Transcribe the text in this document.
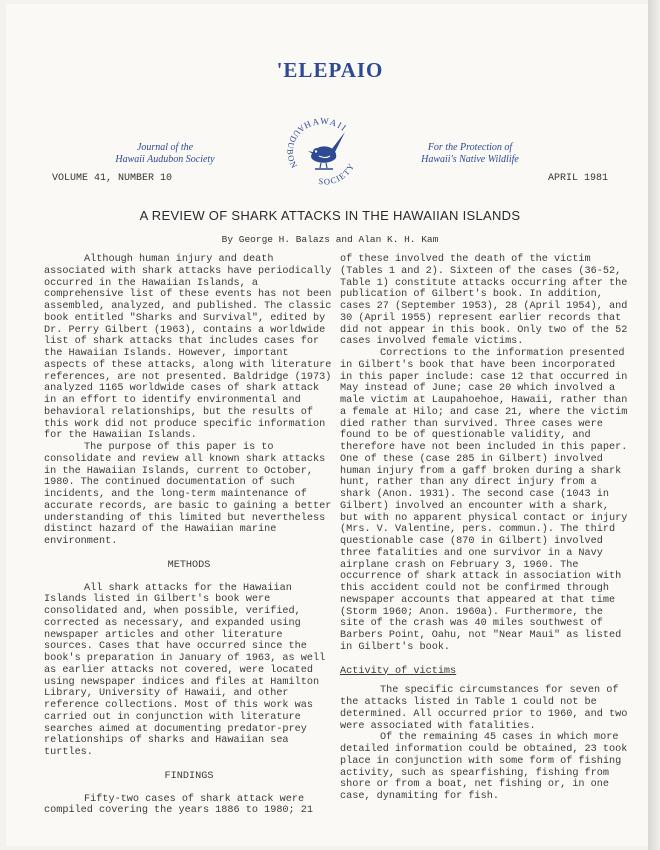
'ELEPAIO
Journal of the
Hawaii Audubon Society
HAWAII
AUDUBON
SOCIETY
For the Protection of
Hawaii's Native Wildlife
VOLUME 41, NUMBER 10	APRIL 1981
A REVIEW OF SHARK ATTACKS IN THE HAWAIIAN ISLANDS
By George H. Balazs and Alan K. H. Kam

Although human injury and death associated with shark attacks have periodically occurred in the Hawaiian Islands, a comprehensive list of these events has not been assembled, analyzed, and published. The classic book entitled "Sharks and Survival", edited by Dr. Perry Gilbert (1963), contains a worldwide list of shark attacks that includes cases for the Hawaiian Islands. However, important aspects of these attacks, along with literature references, are not presented. Baldridge (1973) analyzed 1165 worldwide cases of shark attack in an effort to identify environmental and behavioral relationships, but the results of this work did not produce specific information for the Hawaiian Islands.

The purpose of this paper is to consolidate and review all known shark attacks in the Hawaiian Islands, current to October, 1980. The continued documentation of such incidents, and the long-term maintenance of accurate records, are basic to gaining a better understanding of this limited but nevertheless distinct hazard of the Hawaiian marine environment.

METHODS

All shark attacks for the Hawaiian Islands listed in Gilbert's book were consolidated and, when possible, verified, corrected as necessary, and expanded using newspaper articles and other literature sources. Cases that have occurred since the book's preparation in January of 1963, as well as earlier attacks not covered, were located using newspaper indices and files at Hamilton Library, University of Hawaii, and other reference collections. Most of this work was carried out in conjunction with literature searches aimed at documenting predator-prey relationships of sharks and Hawaiian sea turtles.

FINDINGS

Fifty-two cases of shark attack were compiled covering the years 1886 to 1980; 21

of these involved the death of the victim (Tables 1 and 2). Sixteen of the cases (36-52, Table 1) constitute attacks occurring after the publication of Gilbert's book. In addition, cases 27 (September 1953), 28 (April 1954), and 30 (April 1955) represent earlier records that did not appear in this book. Only two of the 52 cases involved female victims.

Corrections to the information presented in Gilbert's book that have been incorporated in this paper include: case 12 that occurred in May instead of June; case 20 which involved a male victim at Laupahoehoe, Hawaii, rather than a female at Hilo; and case 21, where the victim died rather than survived. Three cases were found to be of questionable validity, and therefore have not been included in this paper. One of these (case 285 in Gilbert) involved human injury from a gaff broken during a shark hunt, rather than any direct injury from a shark (Anon. 1931). The second case (1043 in Gilbert) involved an encounter with a shark, but with no apparent physical contact or injury (Mrs. V. Valentine, pers. commun.). The third questionable case (870 in Gilbert) involved three fatalities and one survivor in a Navy airplane crash on February 3, 1960. The occurrence of shark attack in association with this accident could not be confirmed through newspaper accounts that appeared at that time (Storm 1960; Anon. 1960a). Furthermore, the site of the crash was 40 miles southwest of Barbers Point, Oahu, not "Near Maui" as listed in Gilbert's book.

Activity of victims

The specific circumstances for seven of the attacks listed in Table 1 could not be determined. All occurred prior to 1960, and two were associated with fatalities.

Of the remaining 45 cases in which more detailed information could be obtained, 23 took place in conjunction with some form of fishing activity, such as spearfishing, fishing from shore or from a boat, net fishing or, in one case, dynamiting for fish.
